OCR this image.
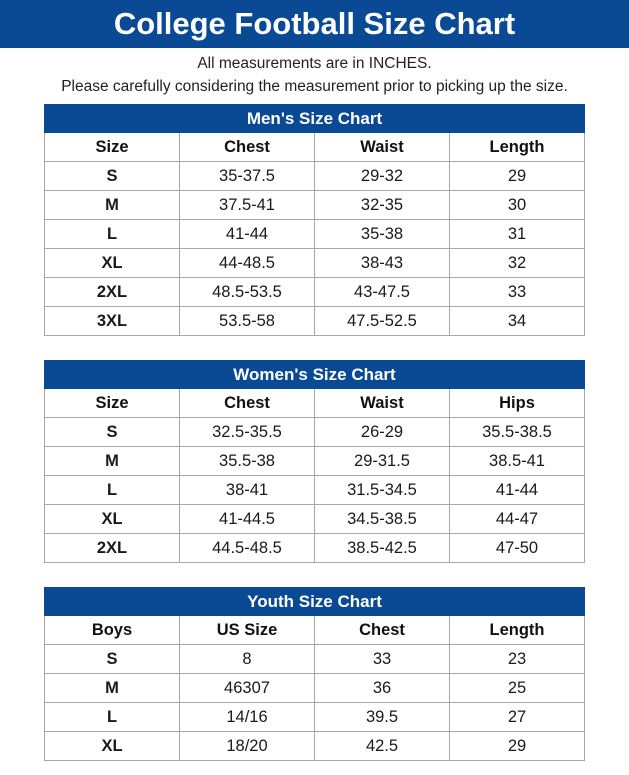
College Football Size Chart
All measurements are in INCHES.
Please carefully considering the measurement prior to picking up the size.
Men's Size Chart			
Size	Chest	Waist	Length
S	35-37.5	29-32	29
M	37.5-41	32-35	30
L	41-44	35-38	31
XL	44-48.5	38-43	32
2XL	48.5-53.5	43-47.5	33
3XL	53.5-58	47.5-52.5	34
Women's Size Chart			
Size	Chest	Waist	Hips
S	32.5-35.5	26-29	35.5-38.5
M	35.5-38	29-31.5	38.5-41
L	38-41	31.5-34.5	41-44
XL	41-44.5	34.5-38.5	44-47
2XL	44.5-48.5	38.5-42.5	47-50
Youth Size Chart			
Boys	US Size	Chest	Length
S	8	33	23
M	46307	36	25
L	14/16	39.5	27
XL	18/20	42.5	29
